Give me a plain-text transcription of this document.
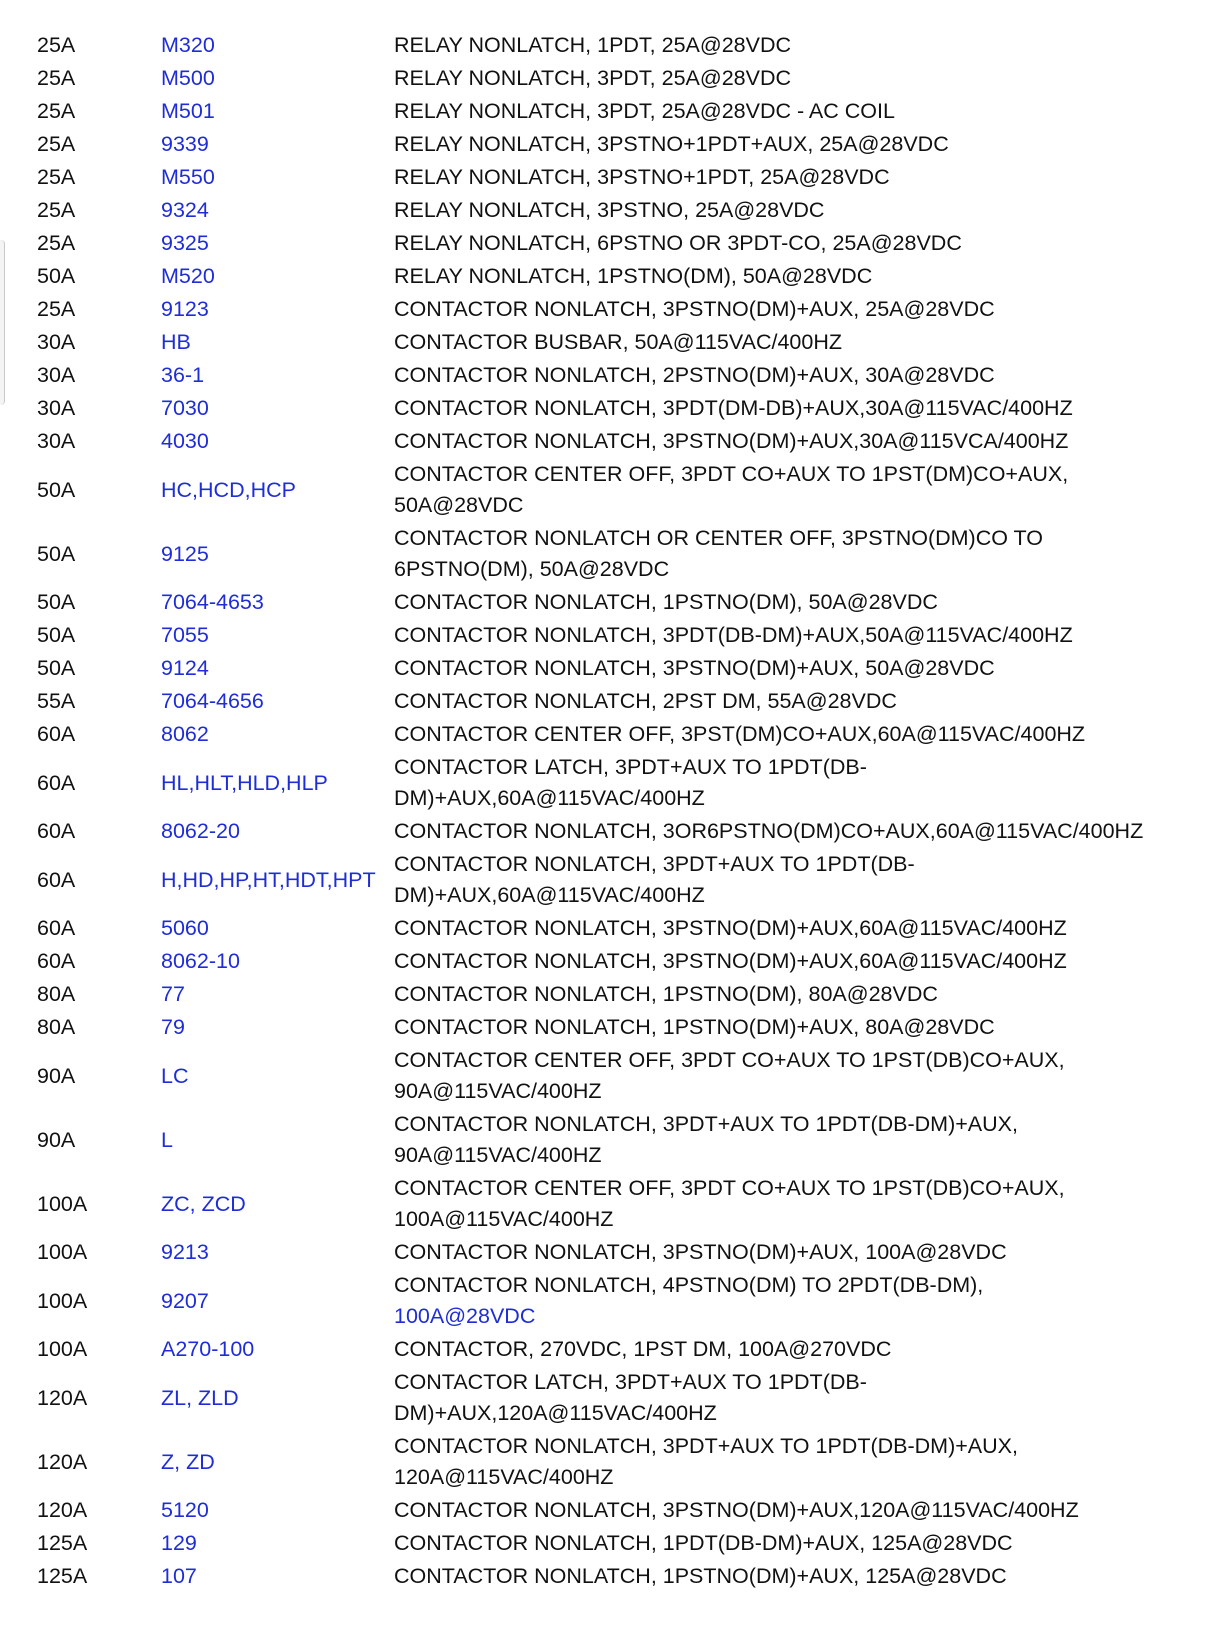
25A	M320	RELAY NONLATCH, 1PDT, 25A@28VDC

25A	M500	RELAY NONLATCH, 3PDT, 25A@28VDC

25A	M501	RELAY NONLATCH, 3PDT, 25A@28VDC - AC COIL

25A	9339	RELAY NONLATCH, 3PSTNO+1PDT+AUX, 25A@28VDC

25A	M550	RELAY NONLATCH, 3PSTNO+1PDT, 25A@28VDC

25A	9324	RELAY NONLATCH, 3PSTNO, 25A@28VDC

25A	9325	RELAY NONLATCH, 6PSTNO OR 3PDT-CO, 25A@28VDC

50A	M520	RELAY NONLATCH, 1PSTNO(DM), 50A@28VDC

25A	9123	CONTACTOR NONLATCH, 3PSTNO(DM)+AUX, 25A@28VDC

30A	HB	CONTACTOR BUSBAR, 50A@115VAC/400HZ

30A	36-1	CONTACTOR NONLATCH, 2PSTNO(DM)+AUX, 30A@28VDC

30A	7030	CONTACTOR NONLATCH, 3PDT(DM-DB)+AUX,30A@115VAC/400HZ

30A	4030	CONTACTOR NONLATCH, 3PSTNO(DM)+AUX,30A@115VCA/400HZ

50A	HC,HCD,HCP	CONTACTOR CENTER OFF, 3PDT CO+AUX TO 1PST(DM)CO+AUX,
50A@28VDC

50A	9125	CONTACTOR NONLATCH OR CENTER OFF, 3PSTNO(DM)CO TO
6PSTNO(DM), 50A@28VDC

50A	7064-4653	CONTACTOR NONLATCH, 1PSTNO(DM), 50A@28VDC

50A	7055	CONTACTOR NONLATCH, 3PDT(DB-DM)+AUX,50A@115VAC/400HZ

50A	9124	CONTACTOR NONLATCH, 3PSTNO(DM)+AUX, 50A@28VDC

55A	7064-4656	CONTACTOR NONLATCH, 2PST DM, 55A@28VDC

60A	8062	CONTACTOR CENTER OFF, 3PST(DM)CO+AUX,60A@115VAC/400HZ

60A	HL,HLT,HLD,HLP	CONTACTOR LATCH, 3PDT+AUX TO 1PDT(DB-
DM)+AUX,60A@115VAC/400HZ

60A	8062-20	CONTACTOR NONLATCH, 3OR6PSTNO(DM)CO+AUX,60A@115VAC/400HZ

60A	H,HD,HP,HT,HDT,HPT	CONTACTOR NONLATCH, 3PDT+AUX TO 1PDT(DB-
DM)+AUX,60A@115VAC/400HZ

60A	5060	CONTACTOR NONLATCH, 3PSTNO(DM)+AUX,60A@115VAC/400HZ

60A	8062-10	CONTACTOR NONLATCH, 3PSTNO(DM)+AUX,60A@115VAC/400HZ

80A	77	CONTACTOR NONLATCH, 1PSTNO(DM), 80A@28VDC

80A	79	CONTACTOR NONLATCH, 1PSTNO(DM)+AUX, 80A@28VDC

90A	LC	CONTACTOR CENTER OFF, 3PDT CO+AUX TO 1PST(DB)CO+AUX,
90A@115VAC/400HZ

90A	L	CONTACTOR NONLATCH, 3PDT+AUX TO 1PDT(DB-DM)+AUX,
90A@115VAC/400HZ

100A	ZC, ZCD	CONTACTOR CENTER OFF, 3PDT CO+AUX TO 1PST(DB)CO+AUX,
100A@115VAC/400HZ

100A	9213	CONTACTOR NONLATCH, 3PSTNO(DM)+AUX, 100A@28VDC

100A	9207	CONTACTOR NONLATCH, 4PSTNO(DM) TO 2PDT(DB-DM),
100A@28VDC

100A	A270-100	CONTACTOR, 270VDC, 1PST DM, 100A@270VDC

120A	ZL, ZLD	CONTACTOR LATCH, 3PDT+AUX TO 1PDT(DB-
DM)+AUX,120A@115VAC/400HZ

120A	Z, ZD	CONTACTOR NONLATCH, 3PDT+AUX TO 1PDT(DB-DM)+AUX,
120A@115VAC/400HZ

120A	5120	CONTACTOR NONLATCH, 3PSTNO(DM)+AUX,120A@115VAC/400HZ

125A	129	CONTACTOR NONLATCH, 1PDT(DB-DM)+AUX, 125A@28VDC

125A	107	CONTACTOR NONLATCH, 1PSTNO(DM)+AUX, 125A@28VDC
